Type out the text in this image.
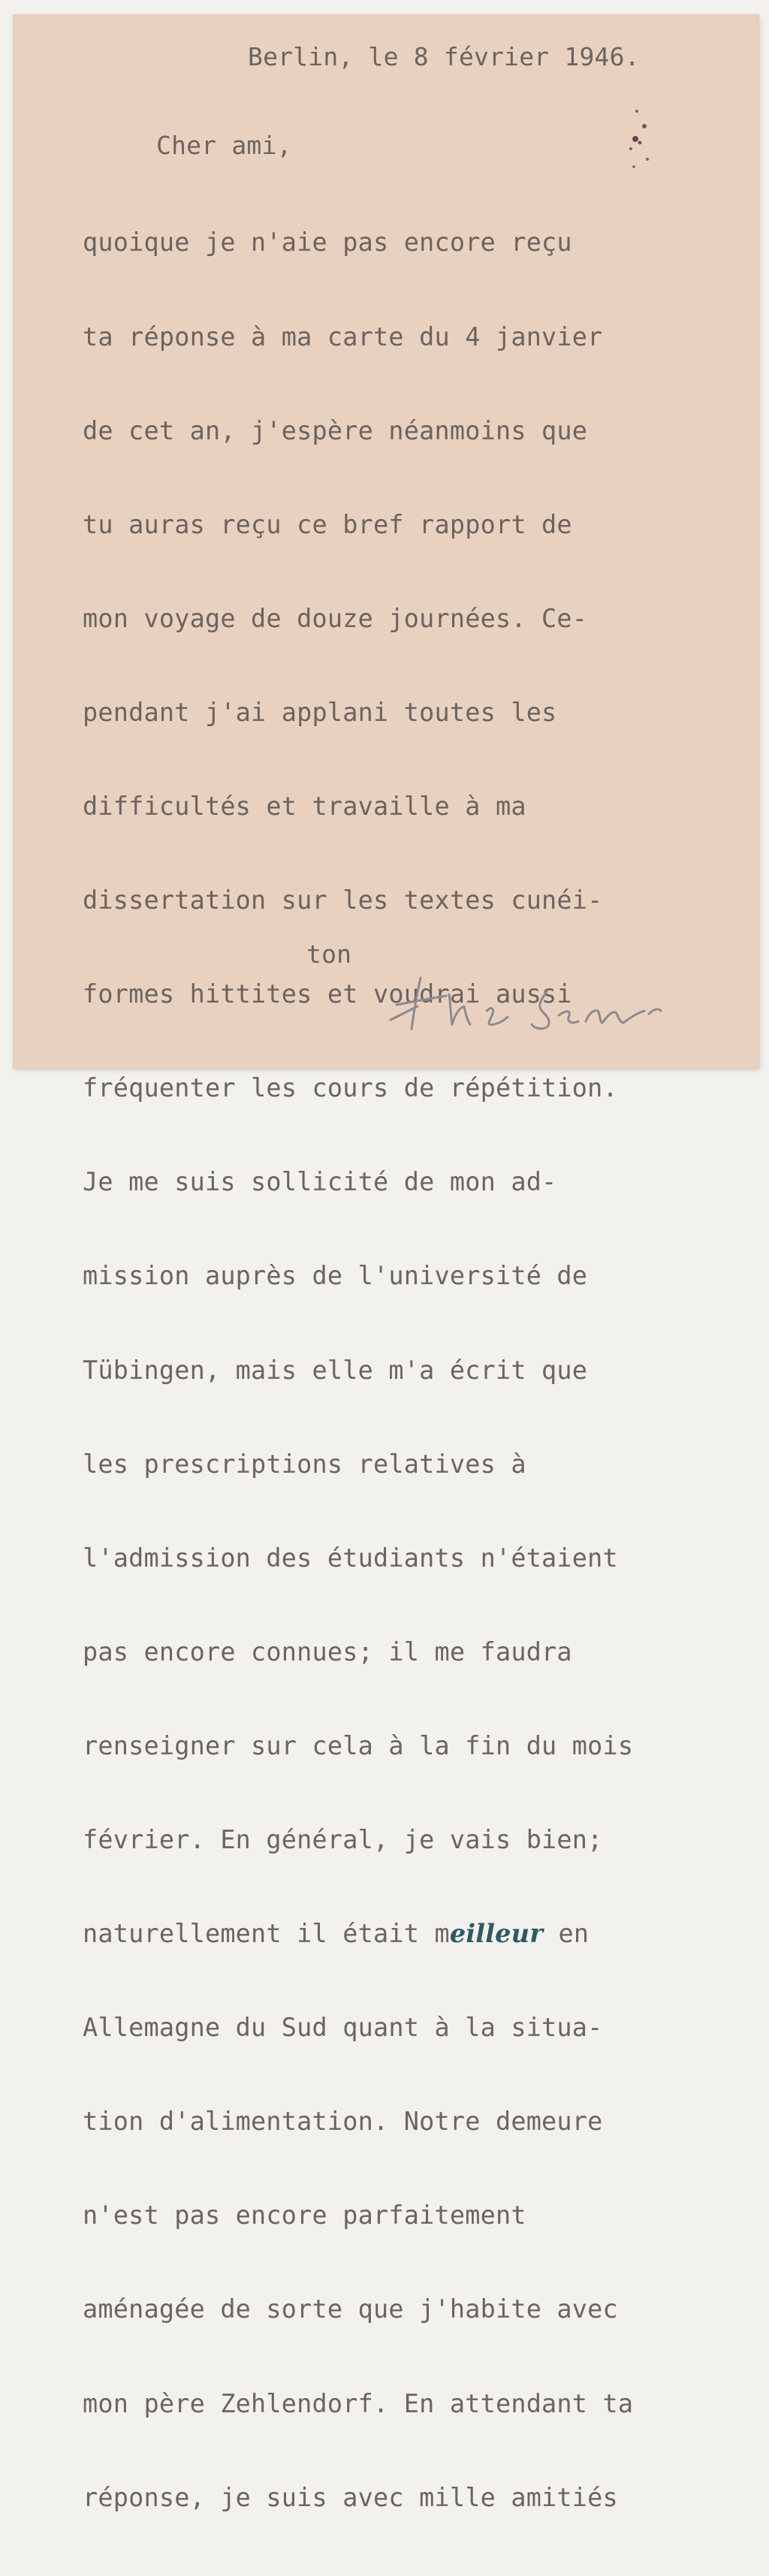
Berlin, le 8 février 1946.
Cher ami,

quoique je n'aie pas encore reçu

ta réponse à ma carte du 4 janvier

de cet an, j'espère néanmoins que

tu auras reçu ce bref rapport de

mon voyage de douze journées. Ce-

pendant j'ai applani toutes les

difficultés et travaille à ma

dissertation sur les textes cunéi-

formes hittites et voudrai aussi

fréquenter les cours de répétition.

Je me suis sollicité de mon ad-

mission auprès de l'université de

Tübingen, mais elle m'a écrit que

les prescriptions relatives à

l'admission des étudiants n'étaient

pas encore connues; il me faudra

renseigner sur cela à la fin du mois

février. En général, je vais bien;

naturellement il était meilleur en

Allemagne du Sud quant à la situa-

tion d'alimentation. Notre demeure

n'est pas encore parfaitement

aménagée de sorte que j'habite avec

mon père Zehlendorf. En attendant ta

réponse, je suis avec mille amitiés

ton
